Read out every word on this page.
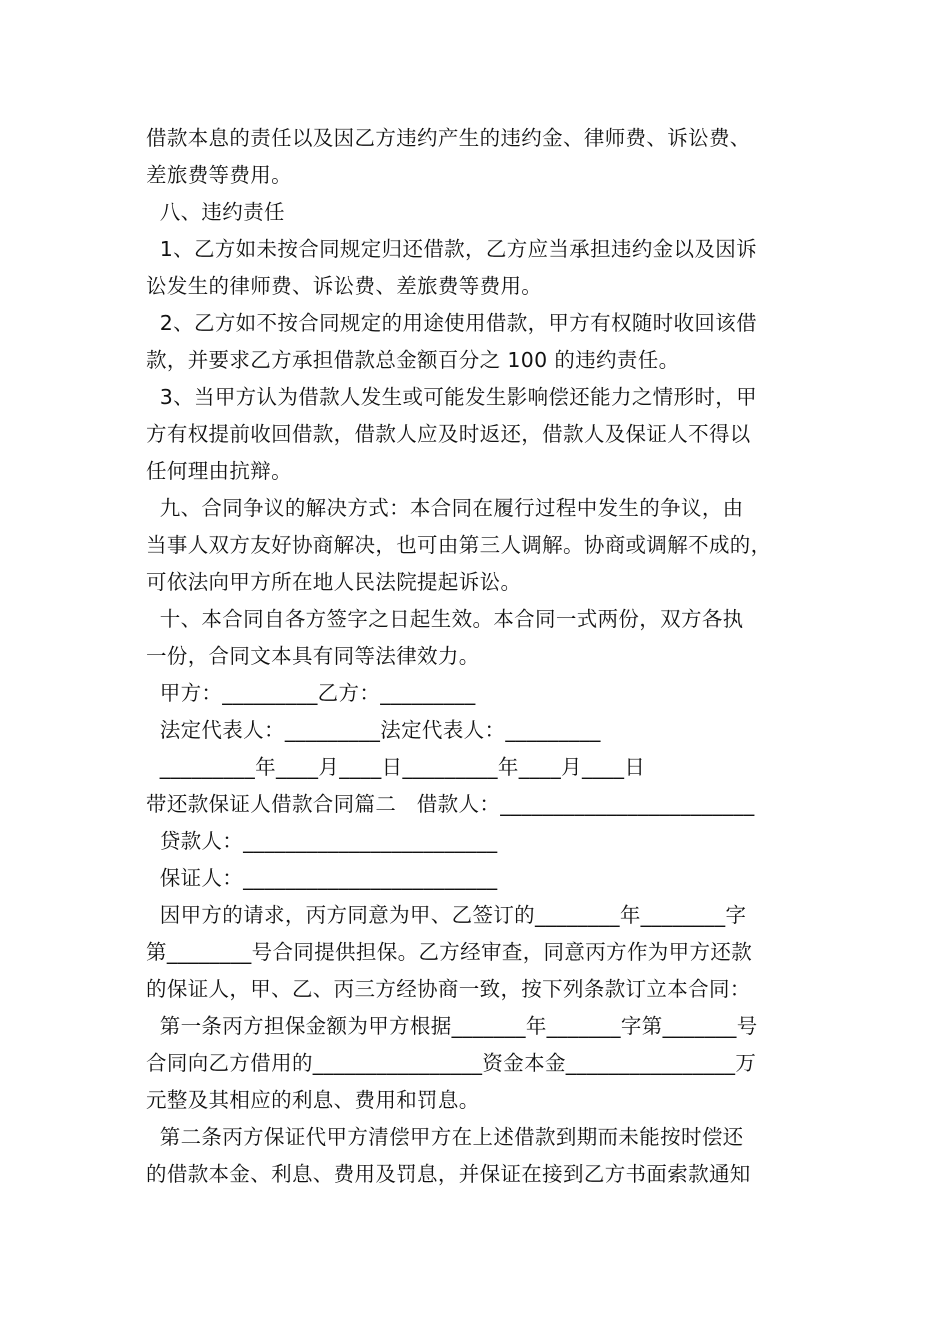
借款本息的责任以及因乙方违约产生的违约金、律师费、诉讼费、
差旅费等费用。
八、违约责任
1、乙方如未按合同规定归还借款，乙方应当承担违约金以及因诉
讼发生的律师费、诉讼费、差旅费等费用。
2、乙方如不按合同规定的用途使用借款，甲方有权随时收回该借
款，并要求乙方承担借款总金额百分之 100 的违约责任。
3、当甲方认为借款人发生或可能发生影响偿还能力之情形时，甲
方有权提前收回借款，借款人应及时返还，借款人及保证人不得以
任何理由抗辩。
九、合同争议的解决方式：本合同在履行过程中发生的争议，由
当事人双方友好协商解决，也可由第三人调解。协商或调解不成的，
可依法向甲方所在地人民法院提起诉讼。
十、本合同自各方签字之日起生效。本合同一式两份，双方各执
一份，合同文本具有同等法律效力。
甲方：_________乙方：_________
法定代表人：_________法定代表人：_________
_________年____月____日_________年____月____日
带还款保证人借款合同篇二   借款人：________________________
贷款人：________________________
保证人：________________________
因甲方的请求，丙方同意为甲、乙签订的________年________字
第________号合同提供担保。乙方经审查，同意丙方作为甲方还款
的保证人，甲、乙、丙三方经协商一致，按下列条款订立本合同：
第一条丙方担保金额为甲方根据_______年_______字第_______号
合同向乙方借用的________________资金本金________________万
元整及其相应的利息、费用和罚息。
第二条丙方保证代甲方清偿甲方在上述借款到期而未能按时偿还
的借款本金、利息、费用及罚息，并保证在接到乙方书面索款通知
